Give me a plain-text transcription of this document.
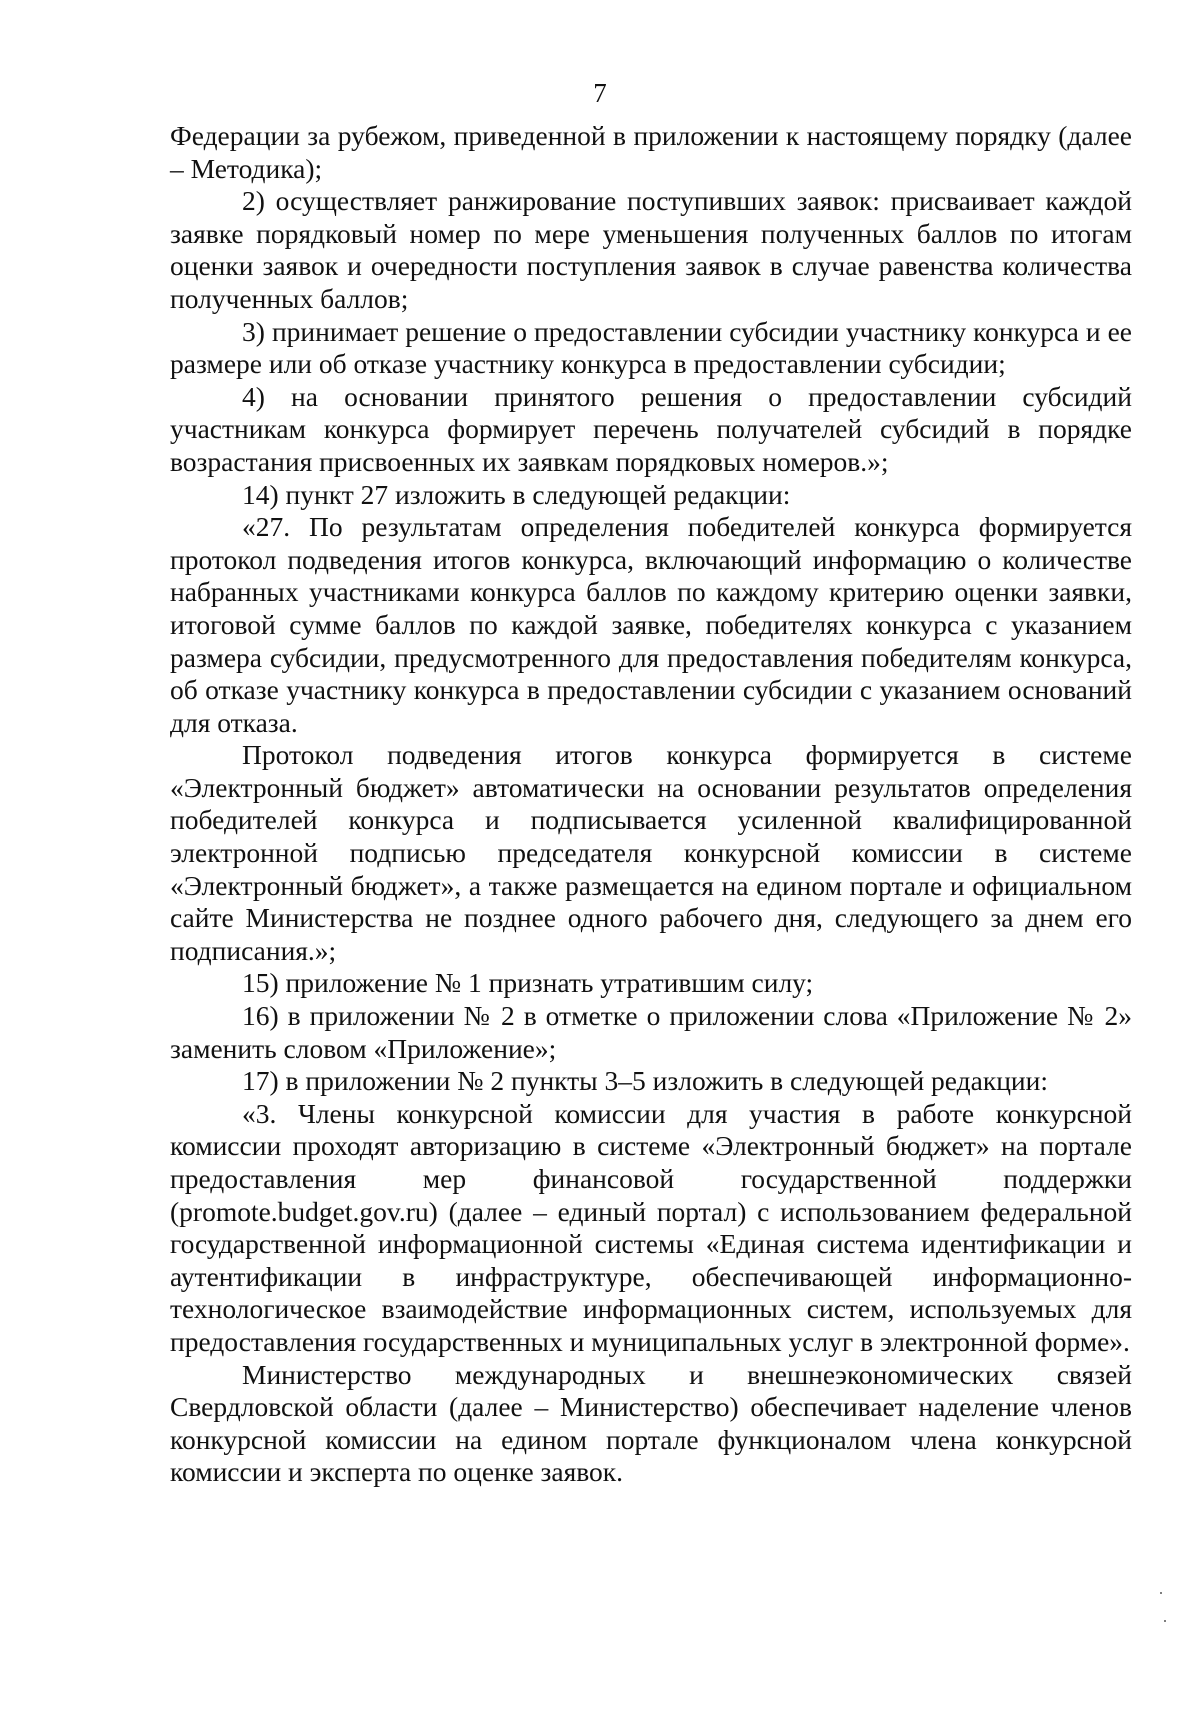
7

Федерации за рубежом, приведенной в приложении к настоящему порядку (далее – Методика);

2) осуществляет ранжирование поступивших заявок: присваивает каждой заявке порядковый номер по мере уменьшения полученных баллов по итогам оценки заявок и очередности поступления заявок в случае равенства количества полученных баллов;

3) принимает решение о предоставлении субсидии участнику конкурса и ее размере или об отказе участнику конкурса в предоставлении субсидии;

4) на основании принятого решения о предоставлении субсидий участникам конкурса формирует перечень получателей субсидий в порядке возрастания присвоенных их заявкам порядковых номеров.»;

14) пункт 27 изложить в следующей редакции:

«27. По результатам определения победителей конкурса формируется протокол подведения итогов конкурса, включающий информацию о количестве набранных участниками конкурса баллов по каждому критерию оценки заявки, итоговой сумме баллов по каждой заявке, победителях конкурса с указанием размера субсидии, предусмотренного для предоставления победителям конкурса, об отказе участнику конкурса в предоставлении субсидии с указанием оснований для отказа.

Протокол подведения итогов конкурса формируется в системе «Электронный бюджет» автоматически на основании результатов определения победителей конкурса и подписывается усиленной квалифицированной электронной подписью председателя конкурсной комиссии в системе «Электронный бюджет», а также размещается на едином портале и официальном сайте Министерства не позднее одного рабочего дня, следующего за днем его подписания.»;

15) приложение № 1 признать утратившим силу;

16) в приложении № 2 в отметке о приложении слова «Приложение № 2» заменить словом «Приложение»;

17) в приложении № 2 пункты 3–5 изложить в следующей редакции:

«3. Члены конкурсной комиссии для участия в работе конкурсной комиссии проходят авторизацию в системе «Электронный бюджет» на портале предоставления мер финансовой государственной поддержки (promote.budget.gov.ru) (далее – единый портал) с использованием федеральной государственной информационной системы «Единая система идентификации и аутентификации в инфраструктуре, обеспечивающей информационно-технологическое взаимодействие информационных систем, используемых для предоставления государственных и муниципальных услуг в электронной форме».

Министерство международных и внешнеэкономических связей Свердловской области (далее – Министерство) обеспечивает наделение членов конкурсной комиссии на едином портале функционалом члена конкурсной комиссии и эксперта по оценке заявок.
